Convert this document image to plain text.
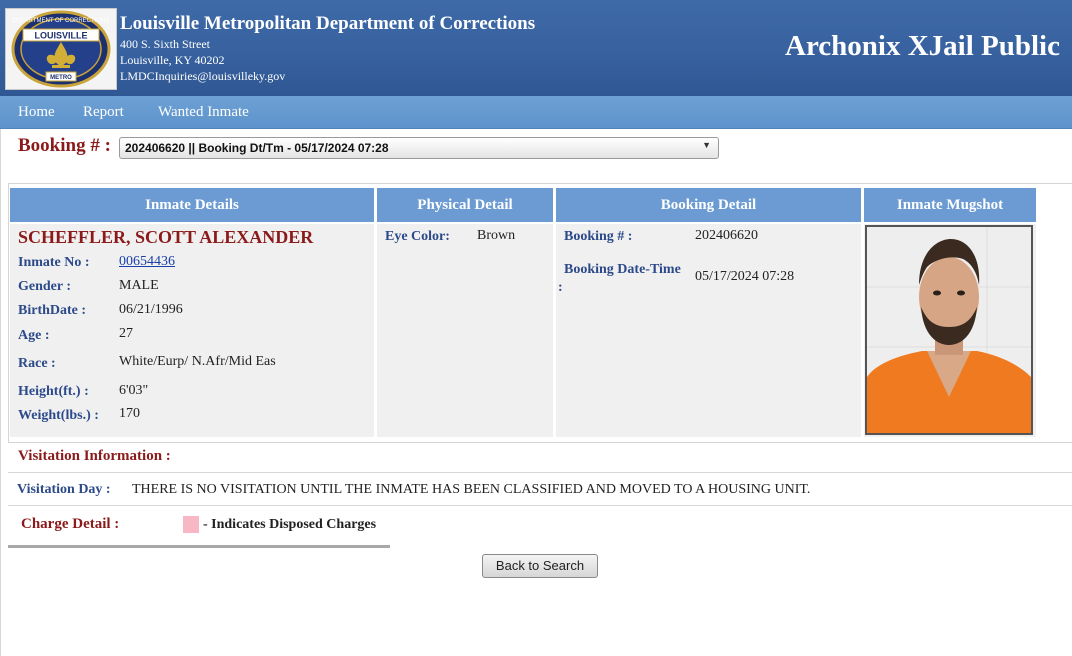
DEPARTMENT OF CORRECTIONS
LOUISVILLE
METRO
Louisville Metropolitan Department of Corrections
400 S. Sixth Street
Louisville, KY 40202
LMDCInquiries@louisvilleky.gov
Archonix XJail Public
Home Report Wanted Inmate
Booking # :	202406620 || Booking Dt/Tm - 05/17/2024 07:28	▼
Inmate Details	Physical Detail	Booking Detail	Inmate Mugshot
SCHEFFLER, SCOTT ALEXANDER
Inmate No : 00654436
Gender :	MALE
BirthDate : 06/21/1996
Age :	27
Race :	White/Eurp/ N.Afr/Mid Eas
Height(ft.) : 6'03"
Weight(lbs.) : 170
Eye Color: Brown	Booking # :	202406620
Booking Date-Time
:
05/17/2024 07:28
Visitation Information :
Visitation Day : THERE IS NO VISITATION UNTIL THE INMATE HAS BEEN CLASSIFIED AND MOVED TO A HOUSING UNIT.
Charge Detail :	- Indicates Disposed Charges
Back to Search
